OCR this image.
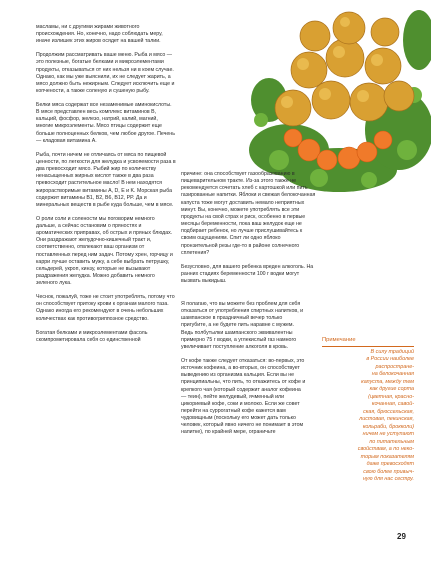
масламы, ни с другими жирами животного происхождения. Но, конечно, надо соблюдать меру, иначе излишек этих жиров осядет на вашей талии.

Продолжим рассматривать ваше меню. Рыба и мясо — это полезные, богатые белками и микроэлементами продукты, отказываться от них нельзя ни в коем случае. Однако, как мы уже выяснили, их не следует жарить, а мясо должно быть нежирным. Следует исключить еще и копчености, а также соленую и сушеную рыбу.

Белки мяса содержат все незаменимые аминокислоты. В мясе представлен весь комплекс витаминов B, кальций, фосфор, железо, натрий, калий, магний, многие микроэлементы. Мясо птицы содержит еще больше полноценных белков, чем любое другое. Печень — кладовая витамина A.

Рыба, почти ничем не отличаясь от мяса по пищевой ценности, по легкости для желудка и усвояемости раза в два превосходит мясо. Рыбий жир по количеству ненасыщенных жирных кислот также в два раза превосходит растительное масло! В нем находятся жирорастворимые витамины A, D, E и K. Морская рыба содержит витамины B1, B2, B6, B12, PP. Да и минеральных веществ в рыбе куда больше, чем в мясе.

О роли соли и солености мы поговорим немного дальше, а сейчас остановим о пряностях и ароматических приправах, об острых и пряных блюдах. Они раздражают желудочно-кишечный тракт и, соответственно, отвлекают ваш организм от поставленных перед ним задач. Потому хрен, горчицу и карри лучше оставить мужу, а себе выбрать петрушку, сельдерей, укроп, кинзу, которые не вызывают раздражения желудка. Можно добавить немного зеленого лука.

Чеснок, пожалуй, тоже не стоит употреблять, потому что он способствует притоку крови к органам малого таза. Однако иногда его рекомендуют в очень небольших количествах как противогриппозное средство.

Богатая белками и микроэлементами фасоль скомпрометировала себя со единственной

причине: она способствует газообразованию в пищеварительном тракте. Из-за этого также не рекомендуется сочетать хлеб с картошкой или пить газированные напитки. Яблоки и свежая белокочанная капуста тоже могут доставить немало неприятных минут. Вы, конечно, можете употреблять все эти продукты на свой страх и риск, особенно в первые месяцы беременности, пока ваш желудок еще не подбирает ребенок, но лучше прислушивайтесь к своим ощущениям. Спит ли одно яблоко пронзительной резы где-то в районе солнечного сплетения?

Безусловно, для вашего ребенка вреден алкоголь. На ранних стадиях беременности 100 г водки могут вызвать выкидыш.

Я полагаю, что вы можете без проблем для себя отказаться от употребления спиртных напитков, и шампанское в праздничный вечер только пригубите, а не будете пить наравне с мужем. Ведь полбутылки шампанского эквивалентны примерно 75 г водки, а углекислый газ намного увеличивает поступление алкоголя в кровь.

От кофе также следует отказаться: во-первых, это источник кофеина, а во-вторых, он способствует выведению из организма кальция. Если вы не принципиальны, что пить, то откажитесь от кофе и крепкого чая (который содержит аналог кофеина — теин), пейте желудевый, ячменный или цикориевый кофе, соки и молоко. Если же совет перейти на суррогатный кофе кажется вам чудовищным (поскольку его может дать только человек, который явно ничего не понимает в этом напитке), по крайней мере, ограничьте

Примечание
В силу традиций
в России наиболее
распростране-
на белокочанная
капуста, между тем
как другие сорта
(цветная, краснo-
кочанная, савой-
ская, брюссельская,
листовая, пекинская,
кольраби, брокколи)
ничем не уступают
по питательным
свойствам, а по неко-
торым показателям
даже превосходят
свою более привыч-
ную для нас сестру.
29
